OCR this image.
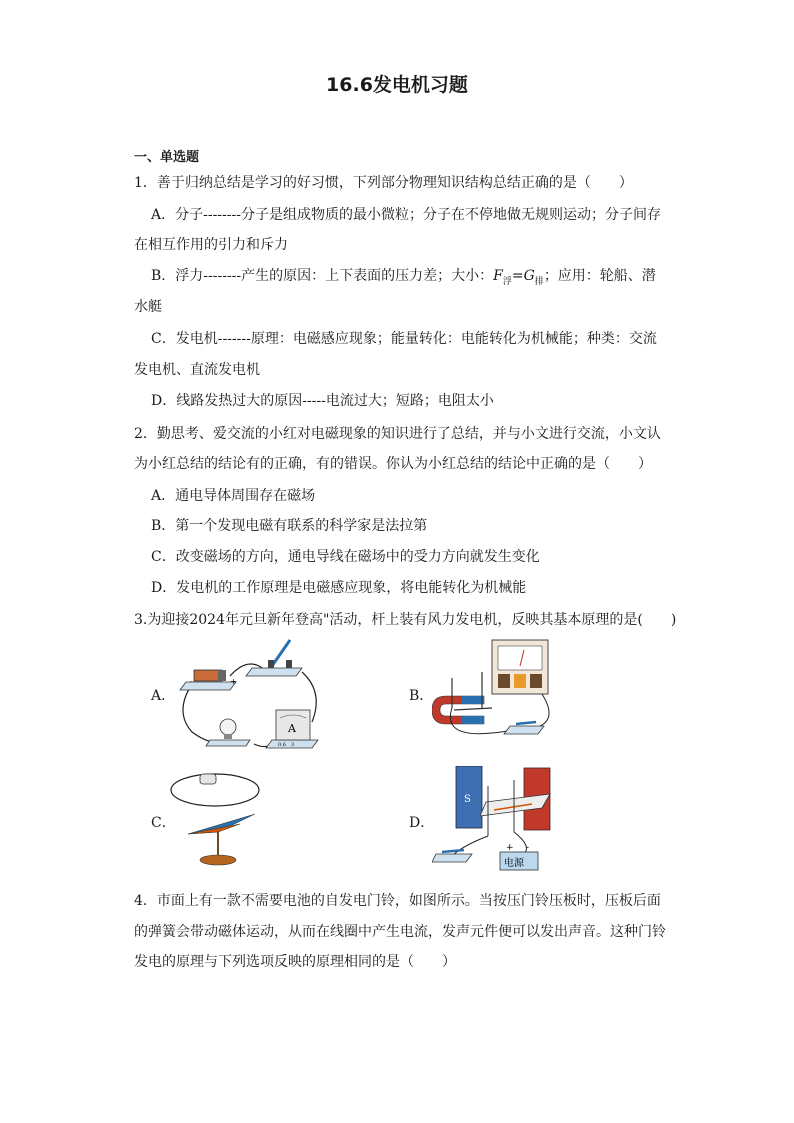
16.6发电机习题
一、单选题
1．善于归纳总结是学习的好习惯，下列部分物理知识结构总结正确的是（　　）
A．分子--------分子是组成物质的最小微粒；分子在不停地做无规则运动；分子间存
在相互作用的引力和斥力
B．浮力--------产生的原因：上下表面的压力差；大小：$F_浮=G_排$；应用：轮船、潜
水艇
C．发电机-------原理：电磁感应现象；能量转化：电能转化为机械能；种类：交流
发电机、直流发电机
D．线路发热过大的原因-----电流过大；短路；电阻太小
2．勤思考、爱交流的小红对电磁现象的知识进行了总结，并与小文进行交流，小文认
为小红总结的结论有的正确，有的错误。你认为小红总结的结论中正确的是（　　）
A．通电导体周围存在磁场
B．第一个发现电磁有联系的科学家是法拉第
C．改变磁场的方向，通电导线在磁场中的受力方向就发生变化
D．发电机的工作原理是电磁感应现象，将电能转化为机械能
3.为迎接2024年元旦新年登高"活动，杆上装有风力发电机，反映其基本原理的是(　　)
A．
-	+
A
0.6　3
B．
C．	D．
S
电源
+ -
4．市面上有一款不需要电池的自发电门铃，如图所示。当按压门铃压板时，压板后面
的弹簧会带动磁体运动，从而在线圈中产生电流，发声元件便可以发出声音。这种门铃
发电的原理与下列选项反映的原理相同的是（　　）
